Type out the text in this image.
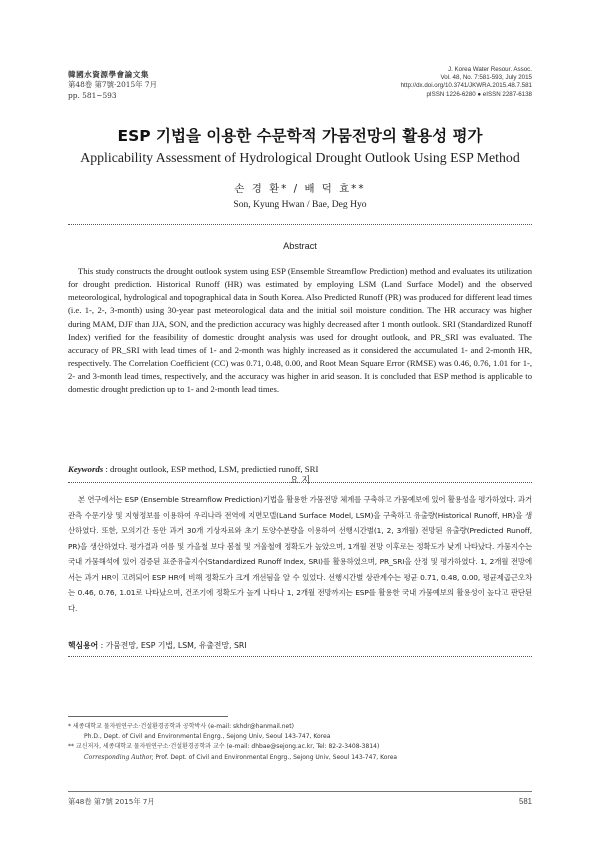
韓國水資源學會論文集
第48卷 第7號·2015年 7月
pp. 581~593
J. Korea Water Resour. Assoc.
Vol. 48, No. 7:581-593, July 2015
http://dx.doi.org/10.3741/JKWRA.2015.48.7.581
pISSN 1226-6280 ● eISSN 2287-6138
ESP 기법을 이용한 수문학적 가뭄전망의 활용성 평가
Applicability Assessment of Hydrological Drought Outlook Using ESP Method
손 경 환* / 배 덕 효**
Son, Kyung Hwan / Bae, Deg Hyo
Abstract

This study constructs the drought outlook system using ESP (Ensemble Streamflow Prediction) method and evaluates its utilization for drought prediction. Historical Runoff (HR) was estimated by employing LSM (Land Surface Model) and the observed meteorological, hydrological and topographical data in South Korea. Also Predicted Runoff (PR) was produced for different lead times (i.e. 1-, 2-, 3-month) using 30-year past meteorological data and the initial soil moisture condition. The HR accuracy was higher during MAM, DJF than JJA, SON, and the prediction accuracy was highly decreased after 1 month outlook. SRI (Standardized Runoff Index) verified for the feasibility of domestic drought analysis was used for drought outlook, and PR_SRI was evaluated. The accuracy of PR_SRI with lead times of 1- and 2-month was highly increased as it considered the accumulated 1- and 2-month HR, respectively. The Correlation Coefficient (CC) was 0.71, 0.48, 0.00, and Root Mean Square Error (RMSE) was 0.46, 0.76, 1.01 for 1-, 2- and 3-month lead times, respectively, and the accuracy was higher in arid season. It is concluded that ESP method is applicable to domestic drought prediction up to 1- and 2-month lead times.

Keywords : drought outlook, ESP method, LSM, predictied runoff, SRI
요 지

본 연구에서는 ESP (Ensemble Streamflow Prediction)기법을 활용한 가뭄전망 체계를 구축하고 가뭄예보에 있어 활용성을 평가하였다. 과거 관측 수문기상 및 지형정보를 이용하여 우리나라 전역에 지면모델(Land Surface Model, LSM)을 구축하고 유출량(Historical Runoff, HR)을 생산하였다. 또한, 모의기간 동안 과거 30개 기상자료와 초기 토양수분량을 이용하여 선행시간별(1, 2, 3개월) 전망된 유출량(Predicted Runoff, PR)을 생산하였다. 평가결과 여름 및 가을철 보다 봄철 및 겨울철에 정확도가 높았으며, 1개월 전망 이후로는 정확도가 낮게 나타났다. 가뭄지수는 국내 가뭄해석에 있어 검증된 표준유출지수(Standardized Runoff Index, SRI)를 활용하였으며, PR_SRI을 산정 및 평가하였다. 1, 2개월 전망에서는 과거 HR이 고려되어 ESP HR에 비해 정확도가 크게 개선됨을 알 수 있었다. 선행시간별 상관계수는 평균 0.71, 0.48, 0.00, 평균제곱근오차는 0.46, 0.76, 1.01로 나타났으며, 건조기에 정확도가 높게 나타나 1, 2개월 전망까지는 ESP를 활용한 국내 가뭄예보의 활용성이 높다고 판단된다.

핵심용어 : 가뭄전망, ESP 기법, LSM, 유출전망, SRI
* 세종대학교 물자원연구소·건설환경공학과 공학박사 (e-mail: skhdr@hanmail.net)
Ph.D., Dept. of Civil and Environmental Engrg., Sejong Univ, Seoul 143-747, Korea
** 교신저자, 세종대학교 물자원연구소·건설환경공학과 교수 (e-mail: dhbae@sejong.ac.kr, Tel: 82-2-3408-3814)
Corresponding Author, Prof. Dept. of Civil and Environmental Engrg., Sejong Univ, Seoul 143-747, Korea
第48卷 第7號 2015年 7月	581
